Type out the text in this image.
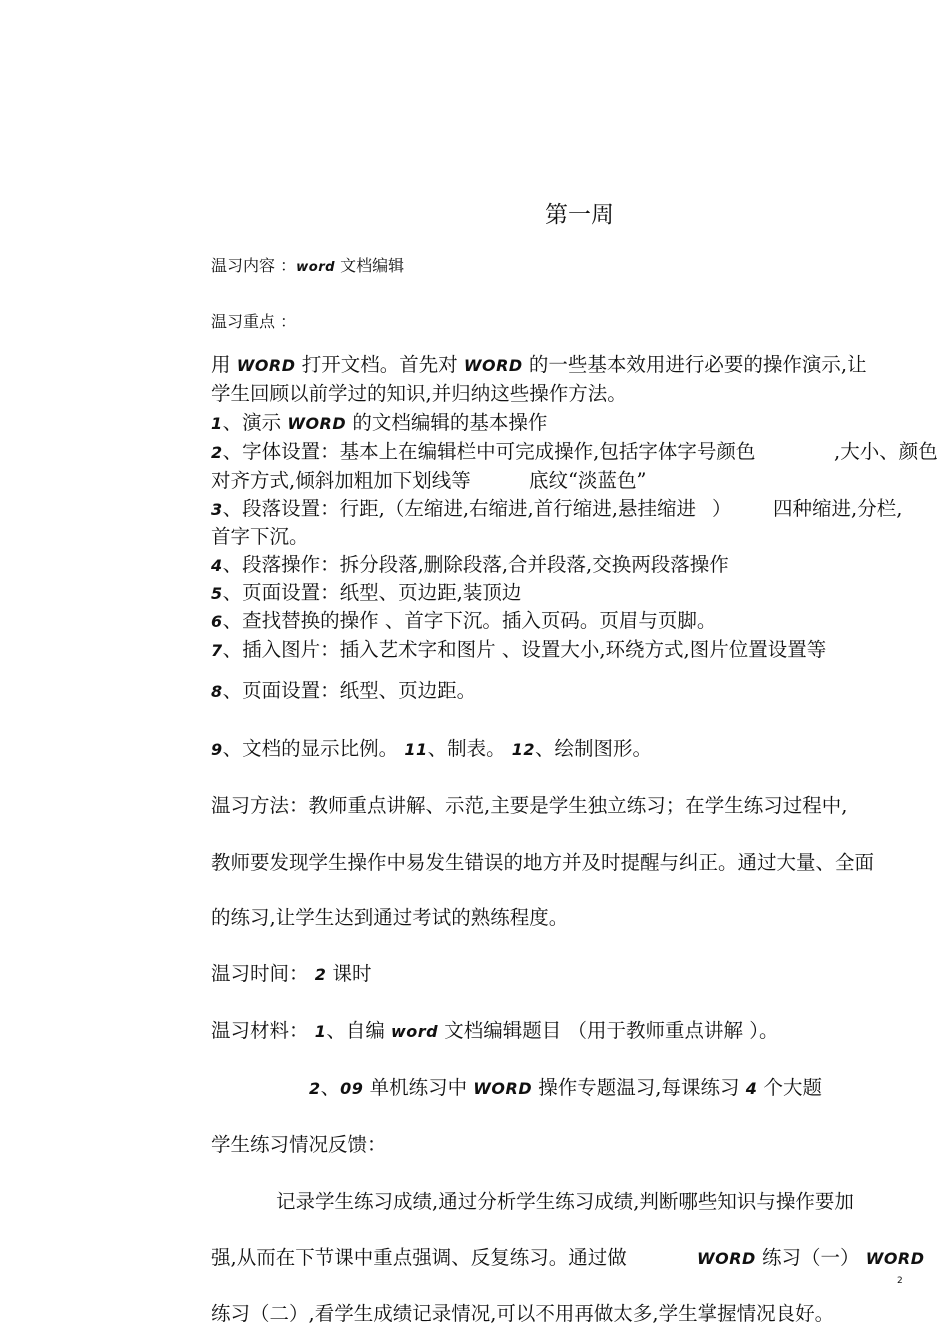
第一周
温习内容 ：word 文档编辑
温习重点 ：
用 WORD 打开文档。首先对 WORD 的一些基本效用进行必要的操作演示,让
学生回顾以前学过的知识,并归纳这些操作方法。
1、演示 WORD 的文档编辑的基本操作
2、字体设置：基本上在编辑栏中可完成操作,包括字体字号颜色	,大小、颜色
对齐方式,倾斜加粗加下划线等	底纹“淡蓝色”
3、段落设置：行距,（左缩进,右缩进,首行缩进,悬挂缩进 ） 四种缩进,分栏,
首字下沉。
4、段落操作：拆分段落,删除段落,合并段落,交换两段落操作
5、页面设置：纸型、页边距,装顶边
6、查找替换的操作 、首字下沉。插入页码。页眉与页脚。
7、插入图片：插入艺术字和图片 、设置大小,环绕方式,图片位置设置等
8、页面设置：纸型、页边距。
9、文档的显示比例。 11、制表。 12、绘制图形。
温习方法：教师重点讲解、示范,主要是学生独立练习；在学生练习过程中,
教师要发现学生操作中易发生错误的地方并及时提醒与纠正。通过大量、全面
的练习,让学生达到通过考试的熟练程度。
温习时间： 2 课时
温习材料： 1、自编 word 文档编辑题目 （用于教师重点讲解 ）。
2、09 单机练习中 WORD 操作专题温习,每课练习 4 个大题
学生练习情况反馈：
记录学生练习成绩,通过分析学生练习成绩,判断哪些知识与操作要加
强,从而在下节课中重点强调、反复练习。通过做	WORD 练习（一） WORD
2
练习（二）,看学生成绩记录情况,可以不用再做太多,学生掌握情况良好。
